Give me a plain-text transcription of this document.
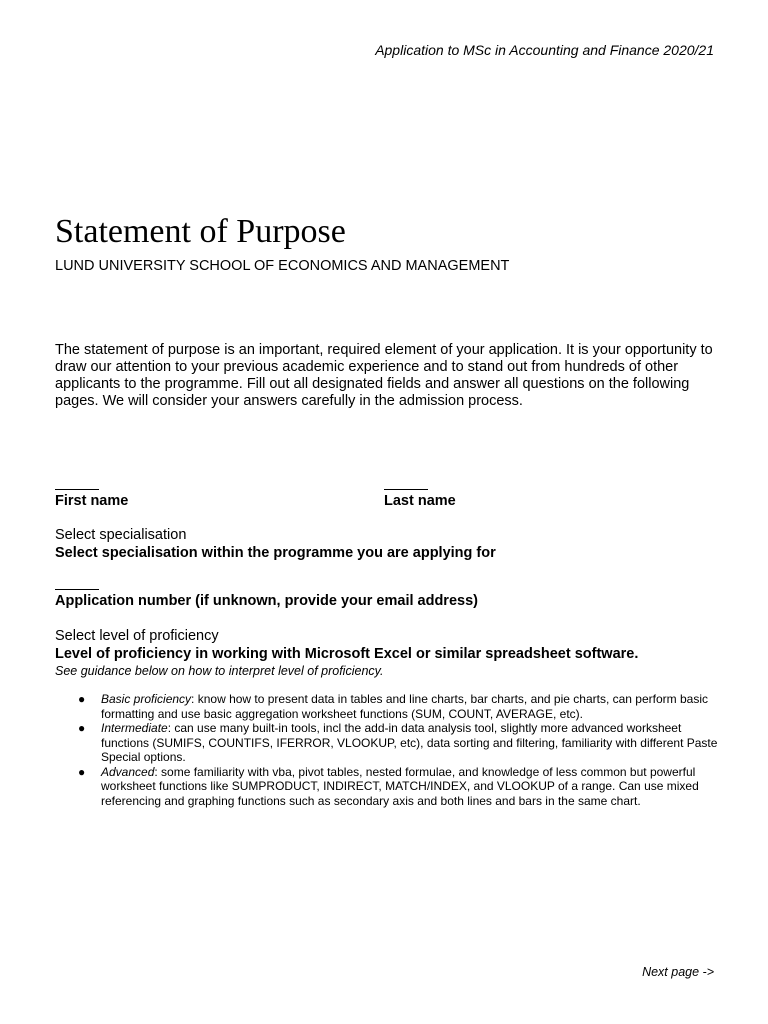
Application to MSc in Accounting and Finance 2020/21
Statement of Purpose
LUND UNIVERSITY SCHOOL OF ECONOMICS AND MANAGEMENT

The statement of purpose is an important, required element of your application. It is your opportunity to draw our attention to your previous academic experience and to stand out from hundreds of other applicants to the programme. Fill out all designated fields and answer all questions on the following pages. We will consider your answers carefully in the admission process.

First name	Last name
Select specialisation
Select specialisation within the programme you are applying for
Application number (if unknown, provide your email address)
Select level of proficiency
Level of proficiency in working with Microsoft Excel or similar spreadsheet software.
See guidance below on how to interpret level of proficiency.
● Basic proficiency: know how to present data in tables and line charts, bar charts, and pie charts, can perform basic formatting and use basic aggregation worksheet functions (SUM, COUNT, AVERAGE, etc).
● Intermediate: can use many built-in tools, incl the add-in data analysis tool, slightly more advanced worksheet functions (SUMIFS, COUNTIFS, IFERROR, VLOOKUP, etc), data sorting and filtering, familiarity with different Paste Special options.
● Advanced: some familiarity with vba, pivot tables, nested formulae, and knowledge of less common but powerful worksheet functions like SUMPRODUCT, INDIRECT, MATCH/INDEX, and VLOOKUP of a range. Can use mixed referencing and graphing functions such as secondary axis and both lines and bars in the same chart.
Next page ->
